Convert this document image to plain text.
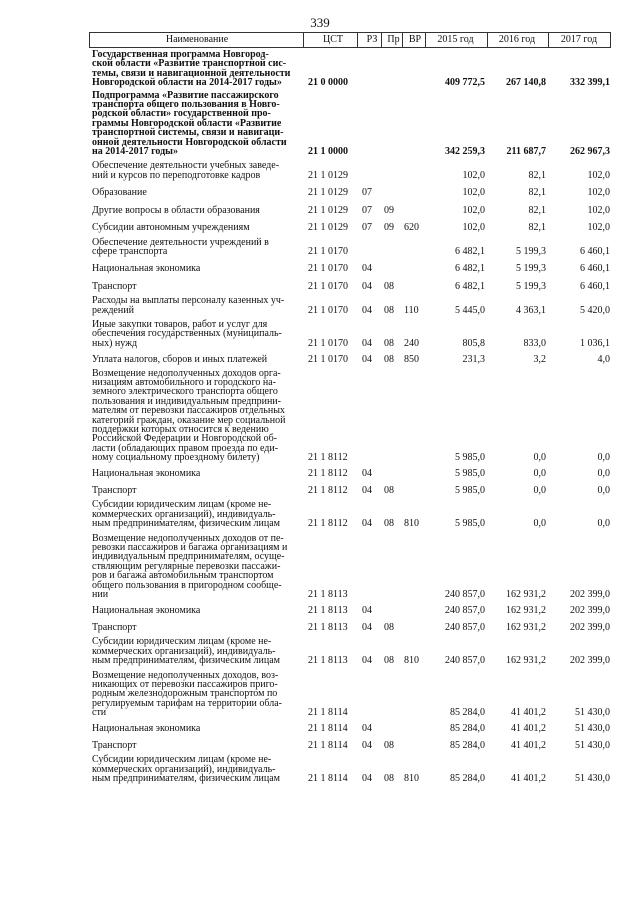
339
Наименование	ЦСТ	РЗ	Пр ВР	2015 год	2016 год	2017 год
Государственная программа Новгород-
ской области «Развитие транспортной сис-
темы, связи и навигационной деятельности
Новгородской области на 2014-2017 годы»	21 0 0000	409 772,5	267 140,8	332 399,1
Подпрограмма «Развитие пассажирского
транспорта общего пользования в Новго-
родской области» государственной про-
граммы Новгородской области «Развитие
транспортной системы, связи и навигаци-
онной деятельности Новгородской области
на 2014-2017 годы»	21 1 0000	342 259,3	211 687,7	262 967,3
Обеспечение деятельности учебных заведе-
ний и курсов по переподготовке кадров	21 1 0129	102,0	82,1	102,0
Образование	21 1 0129	07	102,0	82,1	102,0
Другие вопросы в области образования	21 1 0129	07	09	102,0	82,1	102,0
Субсидии автономным учреждениям	21 1 0129	07	09	620	102,0	82,1	102,0
Обеспечение деятельности учреждений в
сфере транспорта	21 1 0170	6 482,1	5 199,3	6 460,1
Национальная экономика	21 1 0170	04	6 482,1	5 199,3	6 460,1
Транспорт	21 1 0170	04	08	6 482,1	5 199,3	6 460,1
Расходы на выплаты персоналу казенных уч-
реждений	21 1 0170	04	08	110	5 445,0	4 363,1	5 420,0
Иные закупки товаров, работ и услуг для
обеспечения государственных (муниципаль-
ных) нужд	21 1 0170	04	08	240	805,8	833,0	1 036,1
Уплата налогов, сборов и иных платежей	21 1 0170	04	08	850	231,3	3,2	4,0
Возмещение недополученных доходов орга-
низациям автомобильного и городского на-
земного электрического транспорта общего
пользования и индивидуальным предприни-
мателям от перевозки пассажиров отдельных
категорий граждан, оказание мер социальной
поддержки которых относится к ведению
Российской Федерации и Новгородской об-
ласти (обладающих правом проезда по еди-
ному социальному проездному билету)	21 1 8112	5 985,0	0,0	0,0
Национальная экономика	21 1 8112	04	5 985,0	0,0	0,0
Транспорт	21 1 8112	04	08	5 985,0	0,0	0,0
Субсидии юридическим лицам (кроме не-
коммерческих организаций), индивидуаль-
ным предпринимателям, физическим лицам	21 1 8112	04	08	810	5 985,0	0,0	0,0
Возмещение недополученных доходов от пе-
ревозки пассажиров и багажа организациям и
индивидуальным предпринимателям, осуще-
ствляющим регулярные перевозки пассажи-
ров и багажа автомобильным транспортом
общего пользования в пригородном сообще-
нии	21 1 8113	240 857,0	162 931,2	202 399,0
Национальная экономика	21 1 8113	04	240 857,0	162 931,2	202 399,0
Транспорт	21 1 8113	04	08	240 857,0	162 931,2	202 399,0
Субсидии юридическим лицам (кроме не-
коммерческих организаций), индивидуаль-
ным предпринимателям, физическим лицам	21 1 8113	04	08	810	240 857,0	162 931,2	202 399,0
Возмещение недополученных доходов, воз-
никающих от перевозки пассажиров приго-
родным железнодорожным транспортом по
регулируемым тарифам на территории обла-
сти	21 1 8114	85 284,0	41 401,2	51 430,0
Национальная экономика	21 1 8114	04	85 284,0	41 401,2	51 430,0
Транспорт	21 1 8114	04	08	85 284,0	41 401,2	51 430,0
Субсидии юридическим лицам (кроме не-
коммерческих организаций), индивидуаль-
ным предпринимателям, физическим лицам	21 1 8114	04	08	810	85 284,0	41 401,2	51 430,0
